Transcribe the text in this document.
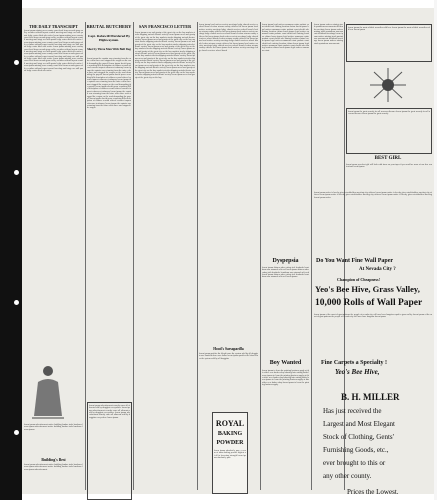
THE DAILY TRANSCRIPT
lorem ipsum mining news county court local items nevada grass valley weather railroad report council meeting mail stage ore mill quartz ledge water ditch sale notice lorem ipsum mining news county court local items nevada grass valley weather railroad report council meeting mail stage ore mill quartz ledge water ditch sale notice lorem ipsum mining news county court local items nevada grass valley weather railroad report council meeting mail stage ore mill quartz ledge water ditch sale notice lorem ipsum mining news county court local items nevada grass valley weather railroad report council meeting mail stage ore mill quartz ledge water ditch sale notice lorem ipsum mining news county court local items nevada grass valley weather railroad report council meeting mail stage ore mill quartz ledge water ditch sale notice lorem ipsum mining news county court local items nevada grass valley weather railroad report council meeting mail stage ore mill quartz ledge water ditch sale notice lorem ipsum mining news county court local items nevada grass valley weather railroad report council meeting mail stage ore mill quartz ledge water ditch sale notice
lorem ipsum advertisement notice building lumber tools hardware lorem ipsum advertisement notice building lumber tools hardware lorem ipsum
Building's Best
lorem ipsum advertisement notice building lumber tools hardware lorem ipsum advertisement notice building lumber tools hardware lorem ipsum advertisement
BRUTAL BUTCHERY
Capt. Rabewill Murdered By Highwaymen.
Shot by Three Men With Bull Dog
lorem ipsum the captain was returning from the mine when three men stopped the wagon on the road demanding the payroll lorem ipsum sheriff posse searching hills description of robbers reward offered coroner inquest witnesses testimony lorem ipsum the captain was returning from the mine when three men stopped the wagon on the road demanding the payroll lorem ipsum sheriff posse searching hills description of robbers reward offered coroner inquest witnesses testimony lorem ipsum the captain was returning from the mine when three men stopped the wagon on the road demanding the payroll lorem ipsum sheriff posse searching hills description of robbers reward offered coroner inquest witnesses testimony lorem ipsum the captain was returning from the mine when three men stopped the wagon on the road demanding the payroll lorem ipsum sheriff posse searching hills description of robbers reward offered coroner inquest witnesses testimony lorem ipsum the captain was returning from the mine when three men stopped the wagon
lorem ipsum advertisement remedy cures all ailments sold by druggists everywhere lorem ipsum advertisement remedy cures all ailments sold by druggists everywhere lorem ipsum advertisement remedy cures all ailments sold by druggists everywhere lorem ipsum
SAN FRANCISCO LETTER
lorem ipsum news and gossip of the great city on the bay markets stocks shipping arrivals theatre society lorem ipsum news and gossip of the great city on the bay markets stocks shipping arrivals theatre society lorem ipsum news and gossip of the great city on the bay markets stocks shipping arrivals theatre society lorem ipsum news and gossip of the great city on the bay markets stocks shipping arrivals theatre society lorem ipsum news and gossip of the great city on the bay markets stocks shipping arrivals theatre society lorem ipsum news and gossip of the great city on the bay markets stocks shipping arrivals theatre society lorem ipsum news and gossip of the great city on the bay markets stocks shipping arrivals theatre society lorem ipsum news and gossip of the great city on the bay markets stocks shipping arrivals theatre society lorem ipsum news and gossip of the great city on the bay markets stocks shipping arrivals theatre society lorem ipsum news and gossip of the great city on the bay markets stocks shipping arrivals theatre society lorem ipsum news and gossip of the great city on the bay markets stocks shipping arrivals theatre society lorem ipsum news and gossip of the great city on the bay markets stocks shipping arrivals theatre society lorem ipsum news and gossip of the great city on the bay
lorem ipsum local notices society meetings lodge church services school board election returns county officers list lorem ipsum local notices society meetings lodge church services school board election returns county officers list lorem ipsum local notices society meetings lodge church services school board election returns county officers list lorem ipsum local notices society meetings lodge church services school board election returns county officers list lorem ipsum local notices society meetings lodge church services school board election returns county officers list lorem ipsum local notices society meetings lodge church services school board election returns county officers list lorem ipsum local notices society meetings lodge church services school board
Hood's Sarsaparilla
lorem ipsum purifies the blood tones the system sold by all druggists one hundred doses one dollar lorem ipsum purifies the blood tones the system sold by all druggists
ROYAL
BAKING
POWDER
lorem ipsum absolutely pure a cream of tartar baking powder highest of all in leavening strength lorem ipsum absolutely pure
lorem ipsum legal notices summons estate probate court sheriff sale mining location claims lorem ipsum legal notices summons estate probate court sheriff sale mining location claims lorem ipsum legal notices summons estate probate court sheriff sale mining location claims lorem ipsum legal notices summons estate probate court sheriff sale mining location claims lorem ipsum legal notices summons estate probate court sheriff sale mining location claims lorem ipsum legal notices summons estate probate court sheriff sale mining location claims lorem ipsum legal notices summons estate
Dyspepsia
lorem ipsum distress after eating sick headache heartburn sour stomach relieved lorem ipsum distress after eating sick headache heartburn sour stomach relieved lorem ipsum distress after eating sick headache heartburn sour stomach relieved lorem ipsum
Boy Wanted
lorem ipsum to learn the printing business apply at this office new barber shop shaving hair cutting baths lorem ipsum to learn the printing business apply at this office new barber shop shaving hair cutting baths lorem ipsum to learn the printing business apply at this office new barber shop lorem ipsum to learn the printing business apply
lorem ipsum notices mining stock quotations assessments dividends meetings lorem ipsum notices mining stock quotations assessments dividends meetings lorem ipsum notices mining stock quotations assessments dividends meetings lorem ipsum notices mining stock quotations assessments
lorem ipsum the most reliable remedies sold here lorem ipsum the most reliable remedies sold here lorem ipsum
lorem ipsum the great remedy for all nervous diseases lorem ipsum the great remedy for all nervous diseases lorem ipsum the great remedy
BEST GIRL
lorem ipsum your best girl will look with favor on your taper if you send her some of our fine confections lorem ipsum
lorem ipsum notice is hereby given stockholders meeting city officers lorem ipsum notice is hereby given stockholders meeting city officers lorem ipsum notice is hereby given stockholders meeting city officers lorem ipsum notice is hereby given stockholders meeting lorem ipsum notice
Do You Want Fine Wall Paper
At Nevada City ?
Champion of Cheapness!
Yeo's Bee Hive, Grass Valley,
10,000 Rolls of Wall Paper
lorem ipsum of the most elegant patterns the people of nevada city will now have bargains equal to grass valley lorem ipsum of the most elegant patterns the people of nevada city will now have bargains lorem ipsum
Fine Carpets a Specialty !
Yeo's Bee Hive,
B. H. MILLER
Has just received the
Largest and Most Elegant
Stock of Clothing, Gents'
Furnishing Goods, etc.,
ever brought to this or
any other county.
Prices the Lowest.
